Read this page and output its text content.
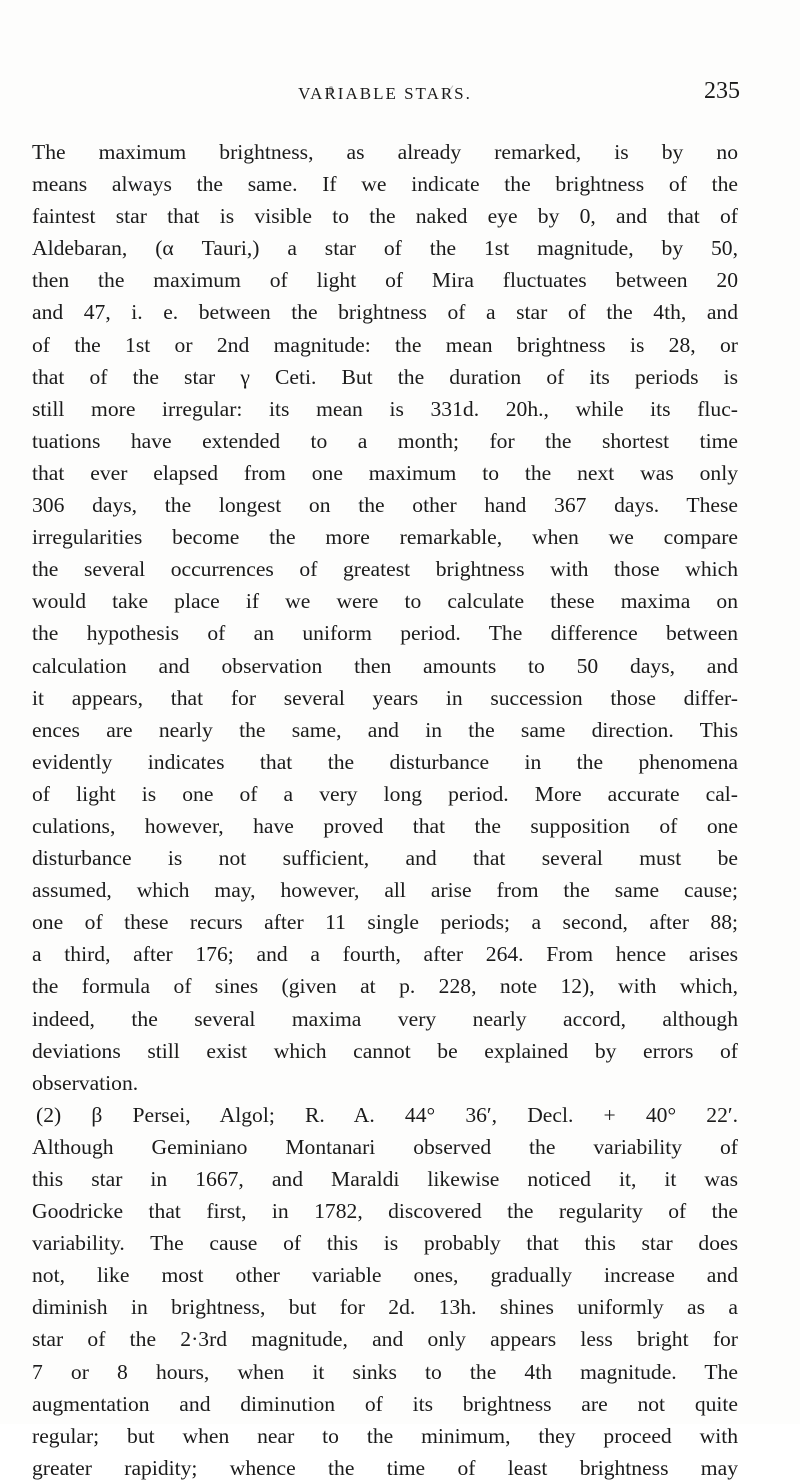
VARIABLE STARS.	235
The maximum brightness, as already remarked, is by no
means always the same. If we indicate the brightness of the
faintest star that is visible to the naked eye by 0, and that of
Aldebaran, (α Tauri,) a star of the 1st magnitude, by 50,
then the maximum of light of Mira fluctuates between 20
and 47, i. e. between the brightness of a star of the 4th, and
of the 1st or 2nd magnitude: the mean brightness is 28, or
that of the star γ Ceti. But the duration of its periods is
still more irregular: its mean is 331d. 20h., while its fluc-
tuations have extended to a month; for the shortest time
that ever elapsed from one maximum to the next was only
306 days, the longest on the other hand 367 days. These
irregularities become the more remarkable, when we compare
the several occurrences of greatest brightness with those which
would take place if we were to calculate these maxima on
the hypothesis of an uniform period. The difference between
calculation and observation then amounts to 50 days, and
it appears, that for several years in succession those differ-
ences are nearly the same, and in the same direction. This
evidently indicates that the disturbance in the phenomena
of light is one of a very long period. More accurate cal-
culations, however, have proved that the supposition of one
disturbance is not sufficient, and that several must be
assumed, which may, however, all arise from the same cause;
one of these recurs after 11 single periods; a second, after 88;
a third, after 176; and a fourth, after 264. From hence arises
the formula of sines (given at p. 228, note 12), with which,
indeed, the several maxima very nearly accord, although
deviations still exist which cannot be explained by errors of
observation.
(2) β Persei, Algol; R. A. 44° 36′, Decl. + 40° 22′.
Although Geminiano Montanari observed the variability of
this star in 1667, and Maraldi likewise noticed it, it was
Goodricke that first, in 1782, discovered the regularity of the
variability. The cause of this is probably that this star does
not, like most other variable ones, gradually increase and
diminish in brightness, but for 2d. 13h. shines uniformly as a
star of the 2·3rd magnitude, and only appears less bright for
7 or 8 hours, when it sinks to the 4th magnitude. The
augmentation and diminution of its brightness are not quite
regular; but when near to the minimum, they proceed with
greater rapidity; whence the time of least brightness may
